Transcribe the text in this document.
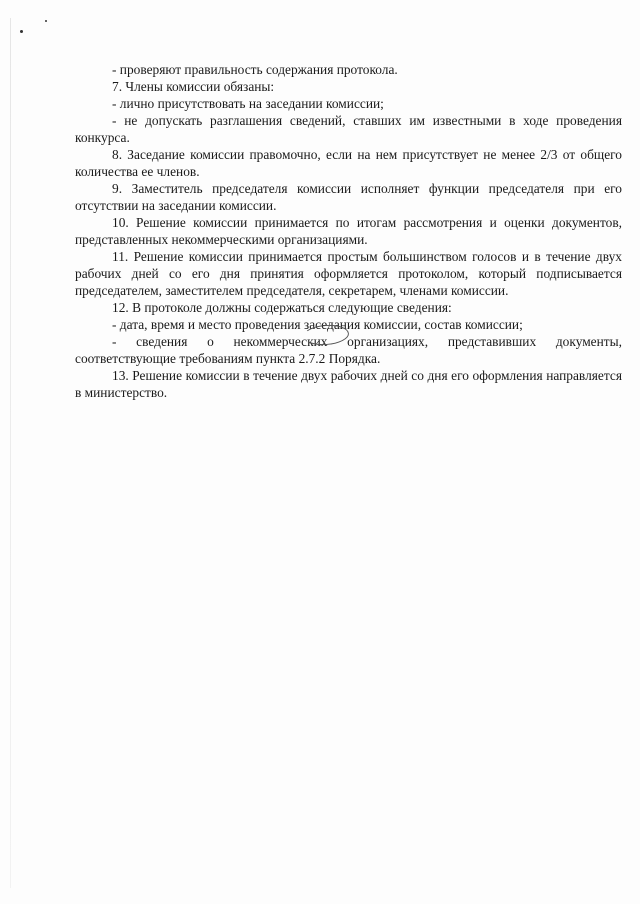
- проверяют правильность содержания протокола.

7. Члены комиссии обязаны:

- лично присутствовать на заседании комиссии;

- не допускать разглашения сведений, ставших им известными в ходе проведения конкурса.

8. Заседание комиссии правомочно, если на нем присутствует не менее 2/3 от общего количества ее членов.

9. Заместитель председателя комиссии исполняет функции председателя при его отсутствии на заседании комиссии.

10. Решение комиссии принимается по итогам рассмотрения и оценки документов, представленных некоммерческими организациями.

11. Решение комиссии принимается простым большинством голосов и в течение двух рабочих дней со его дня принятия оформляется протоколом, который подписывается председателем, заместителем председателя, секретарем, членами комиссии.

12. В протоколе должны содержаться следующие сведения:

- дата, время и место проведения заседания комиссии, состав комиссии;

- сведения о некоммерческих организациях, представивших документы, соответствующие требованиям пункта 2.7.2 Порядка.

13. Решение комиссии в течение двух рабочих дней со дня его оформления направляется в министерство.
